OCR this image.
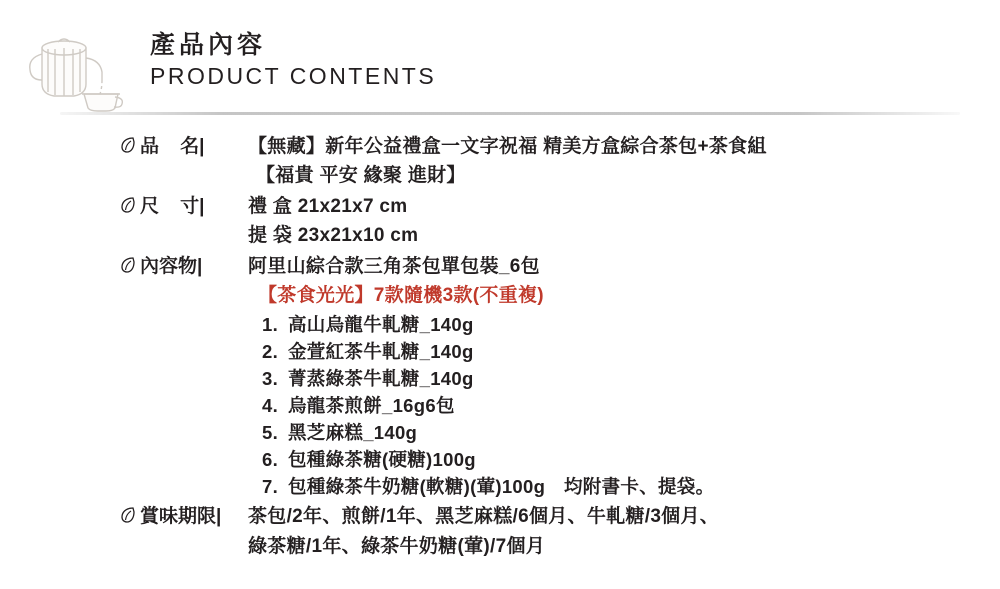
產品內容
PRODUCT CONTENTS
品    名|	【無藏】新年公益禮盒一文字祝福 精美方盒綜合茶包+茶食組
【福貴 平安 緣聚 進財】
尺    寸|	禮 盒 21x21x7 cm
提 袋 23x21x10 cm
內容物|	阿里山綜合款三角茶包單包裝_6包
【茶食光光】7款隨機3款(不重複)
1. 高山烏龍牛軋糖_140g
2. 金萱紅茶牛軋糖_140g
3. 菁蒸綠茶牛軋糖_140g
4. 烏龍茶煎餅_16g6包
5. 黑芝麻糕_140g
6. 包種綠茶糖(硬糖)100g
7. 包種綠茶牛奶糖(軟糖)(葷)100g　均附書卡、提袋。
賞味期限|	茶包/2年、煎餅/1年、黑芝麻糕/6個月、牛軋糖/3個月、
綠茶糖/1年、綠茶牛奶糖(葷)/7個月
